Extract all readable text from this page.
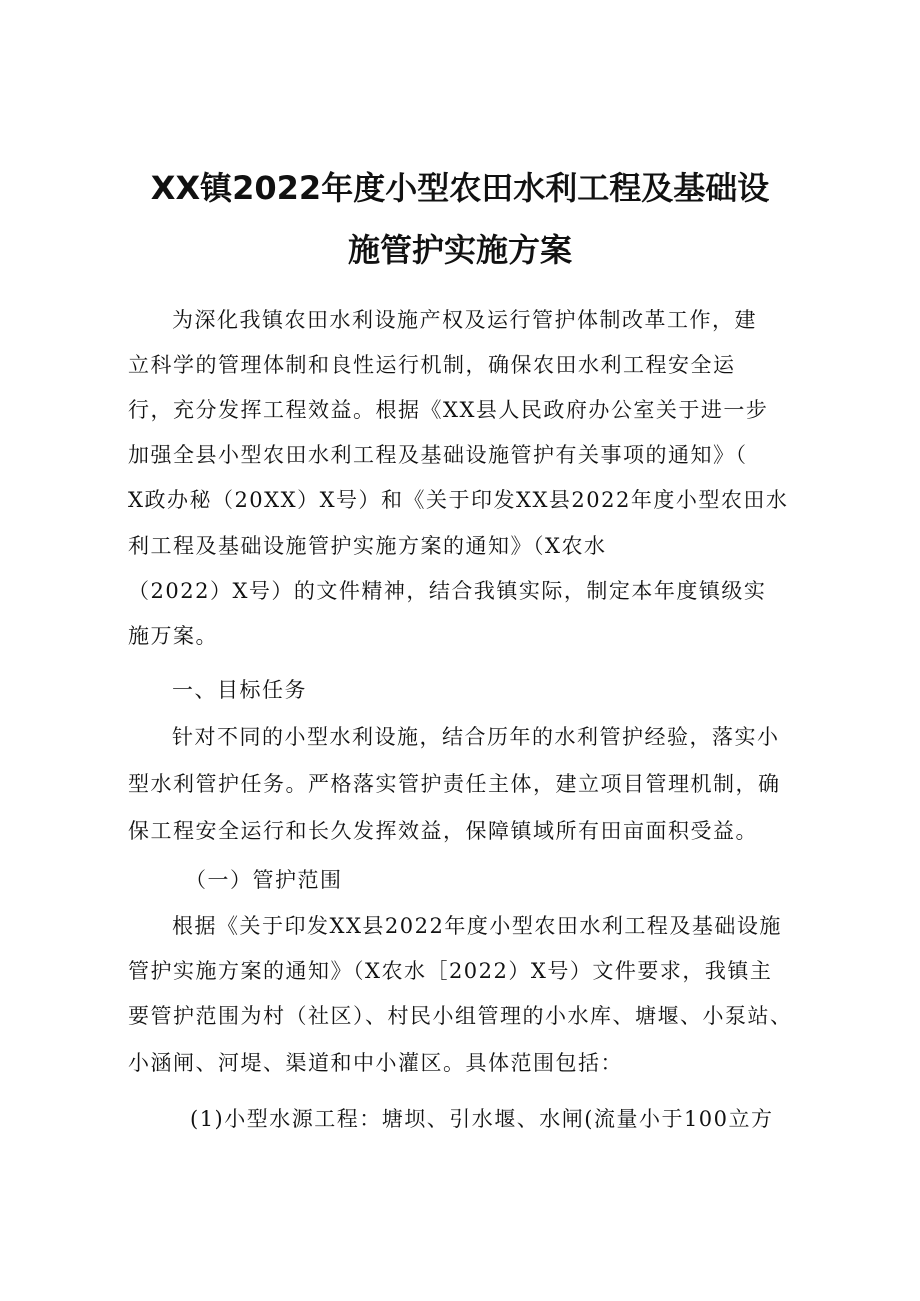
XX镇2022年度小型农田水利工程及基础设
施管护实施方案
为深化我镇农田水利设施产权及运行管护体制改革工作，建
立科学的管理体制和良性运行机制，确保农田水利工程安全运
行，充分发挥工程效益。根据《XX县人民政府办公室关于进一步
加强全县小型农田水利工程及基础设施管护有关事项的通知》（
X政办秘（20XX）X号）和《关于印发XX县2022年度小型农田水
利工程及基础设施管护实施方案的通知》（X农水
（2022）X号）的文件精神，结合我镇实际，制定本年度镇级实
施万案。
一、目标任务
针对不同的小型水利设施，结合历年的水利管护经验，落实小
型水利管护任务。严格落实管护责任主体，建立项目管理机制，确
保工程安全运行和长久发挥效益，保障镇域所有田亩面积受益。
（一）管护范围
根据《关于印发XX县2022年度小型农田水利工程及基础设施
管护实施方案的通知》（X农水［2022）X号）文件要求，我镇主
要管护范围为村（社区）、村民小组管理的小水库、塘堰、小泵站、
小涵闸、河堤、渠道和中小灌区。具体范围包括：
(1)小型水源工程：塘坝、引水堰、水闸(流量小于100立方
